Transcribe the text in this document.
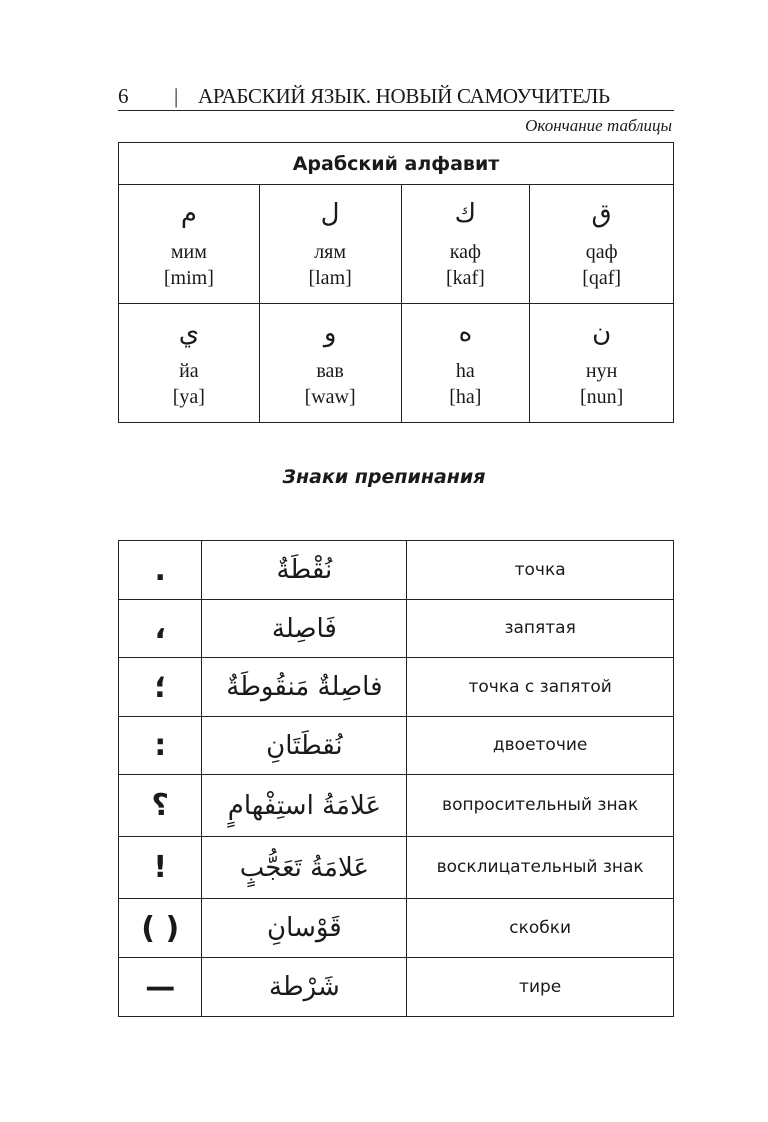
6 | АРАБСКИЙ ЯЗЫК. НОВЫЙ САМОУЧИТЕЛЬ
Окончание таблицы
Арабский алфавит			

م
мим
[mim]	ل
лям
[lam]	ك
каф
[kaf]	ق
qaф
[qaf]

ي
йа
[ya]	و
вав
[waw]	ه
ha
[ha]	ن
нун
[nun]
Знаки препинания
.	نُقْطَةٌ	точка
،	فَاصِلة	запятая
؛	فاصِلةٌ مَنقُوطَةٌ	точка с запятой
:	نُقطَتَانِ	двоеточие
؟	عَلامَةُ استِفْهامٍ	вопросительный знак
!	عَلامَةُ تَعَجُّبٍ	восклицательный знак
( )	قَوْسانِ	скобки
—	شَرْطة	тире
